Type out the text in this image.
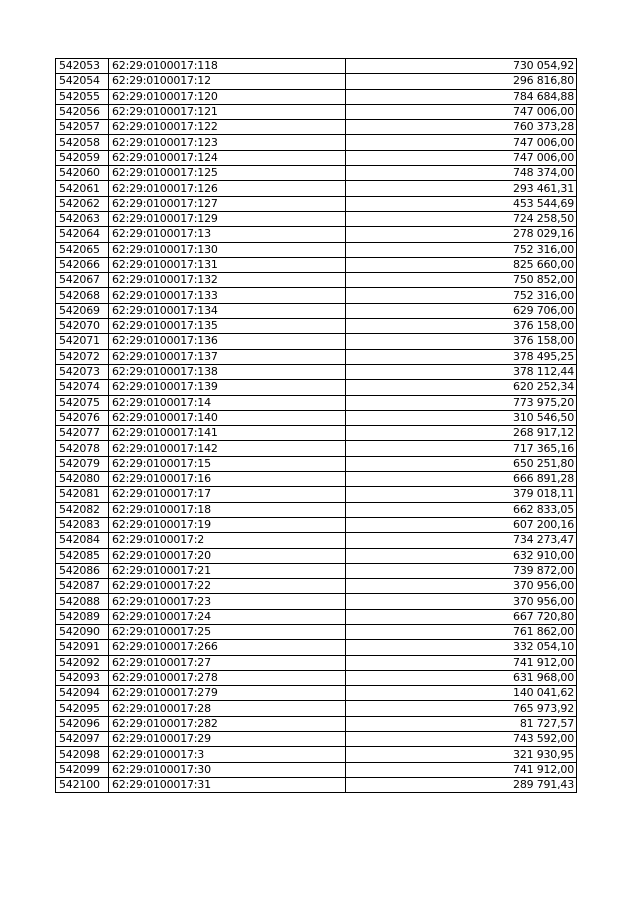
542053	62:29:0100017:118	730 054,92
542054	62:29:0100017:12	296 816,80
542055	62:29:0100017:120	784 684,88
542056	62:29:0100017:121	747 006,00
542057	62:29:0100017:122	760 373,28
542058	62:29:0100017:123	747 006,00
542059	62:29:0100017:124	747 006,00
542060	62:29:0100017:125	748 374,00
542061	62:29:0100017:126	293 461,31
542062	62:29:0100017:127	453 544,69
542063	62:29:0100017:129	724 258,50
542064	62:29:0100017:13	278 029,16
542065	62:29:0100017:130	752 316,00
542066	62:29:0100017:131	825 660,00
542067	62:29:0100017:132	750 852,00
542068	62:29:0100017:133	752 316,00
542069	62:29:0100017:134	629 706,00
542070	62:29:0100017:135	376 158,00
542071	62:29:0100017:136	376 158,00
542072	62:29:0100017:137	378 495,25
542073	62:29:0100017:138	378 112,44
542074	62:29:0100017:139	620 252,34
542075	62:29:0100017:14	773 975,20
542076	62:29:0100017:140	310 546,50
542077	62:29:0100017:141	268 917,12
542078	62:29:0100017:142	717 365,16
542079	62:29:0100017:15	650 251,80
542080	62:29:0100017:16	666 891,28
542081	62:29:0100017:17	379 018,11
542082	62:29:0100017:18	662 833,05
542083	62:29:0100017:19	607 200,16
542084	62:29:0100017:2	734 273,47
542085	62:29:0100017:20	632 910,00
542086	62:29:0100017:21	739 872,00
542087	62:29:0100017:22	370 956,00
542088	62:29:0100017:23	370 956,00
542089	62:29:0100017:24	667 720,80
542090	62:29:0100017:25	761 862,00
542091	62:29:0100017:266	332 054,10
542092	62:29:0100017:27	741 912,00
542093	62:29:0100017:278	631 968,00
542094	62:29:0100017:279	140 041,62
542095	62:29:0100017:28	765 973,92
542096	62:29:0100017:282	81 727,57
542097	62:29:0100017:29	743 592,00
542098	62:29:0100017:3	321 930,95
542099	62:29:0100017:30	741 912,00
542100	62:29:0100017:31	289 791,43
